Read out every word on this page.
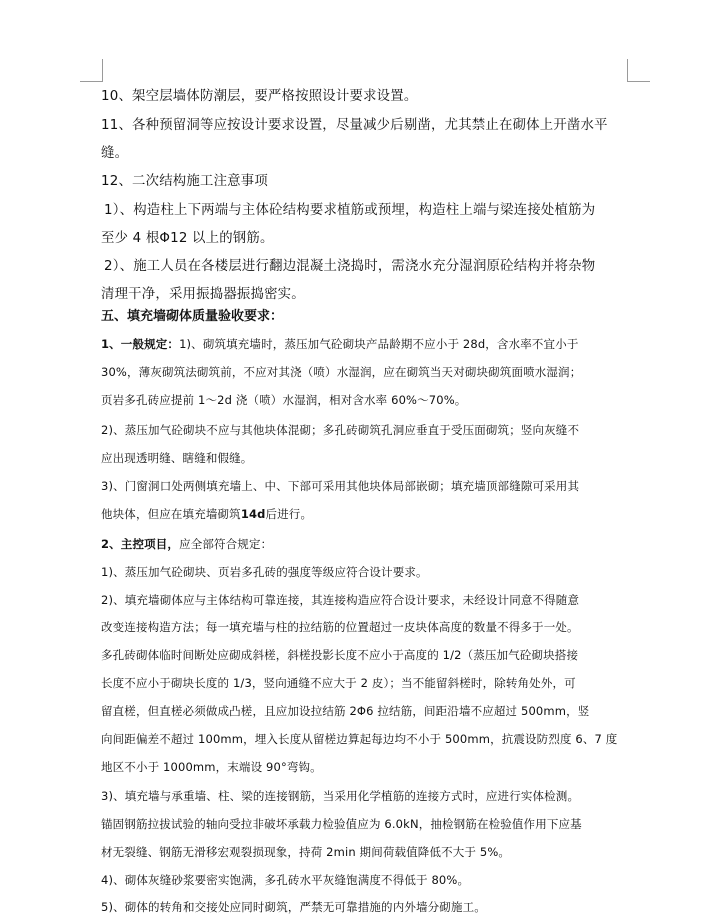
10、架空层墙体防潮层，要严格按照设计要求设置。
11、各种预留洞等应按设计要求设置，尽量减少后剔凿，尤其禁止在砌体上开凿水平
缝。
12、二次结构施工注意事项
1）、构造柱上下两端与主体砼结构要求植筋或预埋，构造柱上端与梁连接处植筋为
至少 4 根Φ12 以上的钢筋。
2）、施工人员在各楼层进行翻边混凝土浇捣时，需浇水充分湿润原砼结构并将杂物
清理干净，采用振捣器振捣密实。
五、填充墙砌体质量验收要求：
1、一般规定：1)、砌筑填充墙时，蒸压加气砼砌块产品龄期不应小于 28d，含水率不宜小于
30%，薄灰砌筑法砌筑前，不应对其浇（喷）水湿润，应在砌筑当天对砌块砌筑面喷水湿润；
页岩多孔砖应提前 1～2d 浇（喷）水湿润，相对含水率 60%～70%。
2)、蒸压加气砼砌块不应与其他块体混砌；多孔砖砌筑孔洞应垂直于受压面砌筑；竖向灰缝不
应出现透明缝、瞎缝和假缝。
3)、门窗洞口处两侧填充墙上、中、下部可采用其他块体局部嵌砌；填充墙顶部缝隙可采用其
他块体，但应在填充墙砌筑14d后进行。
2、主控项目，应全部符合规定：
1)、蒸压加气砼砌块、页岩多孔砖的强度等级应符合设计要求。
2)、填充墙砌体应与主体结构可靠连接，其连接构造应符合设计要求，未经设计同意不得随意
改变连接构造方法；每一填充墙与柱的拉结筋的位置超过一皮块体高度的数量不得多于一处。
多孔砖砌体临时间断处应砌成斜槎，斜槎投影长度不应小于高度的 1/2（蒸压加气砼砌块搭接
长度不应小于砌块长度的 1/3，竖向通缝不应大于 2 皮）；当不能留斜槎时，除转角处外，可
留直槎，但直槎必须做成凸槎，且应加设拉结筋 2Φ6 拉结筋，间距沿墙不应超过 500mm，竖
向间距偏差不超过 100mm，埋入长度从留槎边算起每边均不小于 500mm，抗震设防烈度 6、7 度
地区不小于 1000mm，末端设 90°弯钩。
3)、填充墙与承重墙、柱、梁的连接钢筋，当采用化学植筋的连接方式时，应进行实体检测。
锚固钢筋拉拔试验的轴向受拉非破坏承载力检验值应为 6.0kN，抽检钢筋在检验值作用下应基
材无裂缝、钢筋无滑移宏观裂损现象，持荷 2min 期间荷载值降低不大于 5%。
4)、砌体灰缝砂浆要密实饱满，多孔砖水平灰缝饱满度不得低于 80%。
5)、砌体的转角和交接处应同时砌筑，严禁无可靠措施的内外墙分砌施工。
